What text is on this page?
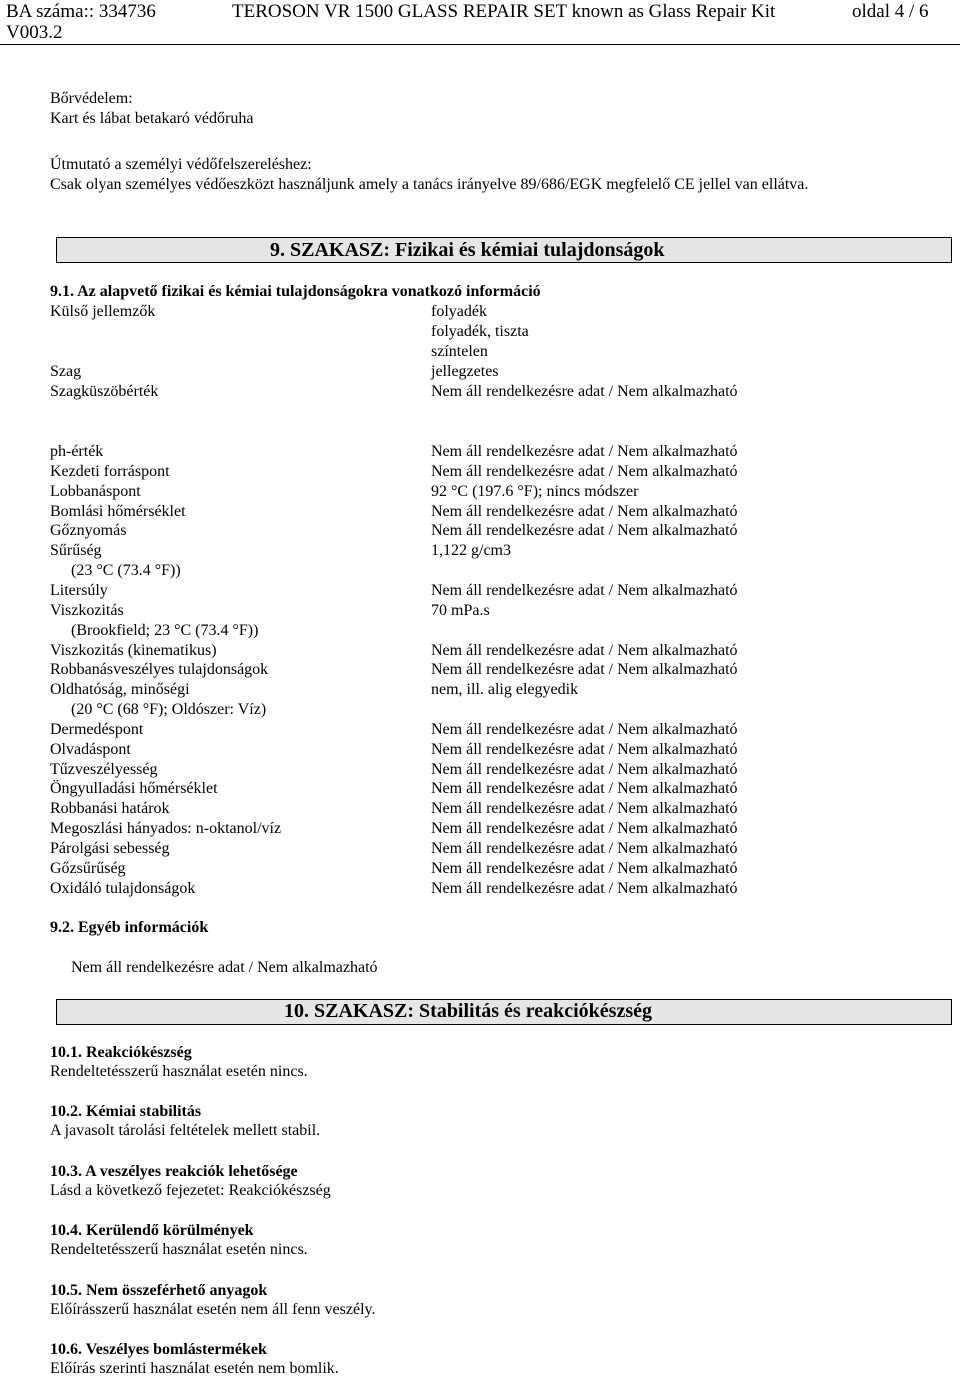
BA száma:: 334736
V003.2
TEROSON VR 1500 GLASS REPAIR SET known as Glass Repair Kit	oldal 4 / 6
Bőrvédelem:
Kart és lábat betakaró védőruha
Útmutató a személyi védőfelszereléshez:
Csak olyan személyes védőeszközt használjunk amely a tanács irányelve 89/686/EGK megfelelő CE jellel van ellátva.
9. SZAKASZ: Fizikai és kémiai tulajdonságok
9.1. Az alapvető fizikai és kémiai tulajdonságokra vonatkozó információ
Külső jellemzők	folyadék
folyadék, tiszta
színtelen
Szag	jellegzetes
Szagküszöbérték	Nem áll rendelkezésre adat / Nem alkalmazható
ph-érték	Nem áll rendelkezésre adat / Nem alkalmazható
Kezdeti forráspont	Nem áll rendelkezésre adat / Nem alkalmazható
Lobbanáspont	92 °C (197.6 °F); nincs módszer
Bomlási hőmérséklet	Nem áll rendelkezésre adat / Nem alkalmazható
Gőznyomás	Nem áll rendelkezésre adat / Nem alkalmazható
Sűrűség	1,122 g/cm3
(23 °C (73.4 °F))
Litersúly	Nem áll rendelkezésre adat / Nem alkalmazható
Viszkozitás	70 mPa.s
(Brookfield; 23 °C (73.4 °F))
Viszkozitás (kinematikus)	Nem áll rendelkezésre adat / Nem alkalmazható
Robbanásveszélyes tulajdonságok	Nem áll rendelkezésre adat / Nem alkalmazható
Oldhatóság, minőségi	nem, ill. alig elegyedik
(20 °C (68 °F); Oldószer: Víz)
Dermedéspont	Nem áll rendelkezésre adat / Nem alkalmazható
Olvadáspont	Nem áll rendelkezésre adat / Nem alkalmazható
Tűzveszélyesség	Nem áll rendelkezésre adat / Nem alkalmazható
Öngyulladási hőmérséklet	Nem áll rendelkezésre adat / Nem alkalmazható
Robbanási határok	Nem áll rendelkezésre adat / Nem alkalmazható
Megoszlási hányados: n-oktanol/víz	Nem áll rendelkezésre adat / Nem alkalmazható
Párolgási sebesség	Nem áll rendelkezésre adat / Nem alkalmazható
Gőzsűrűség	Nem áll rendelkezésre adat / Nem alkalmazható
Oxidáló tulajdonságok	Nem áll rendelkezésre adat / Nem alkalmazható
9.2. Egyéb információk
Nem áll rendelkezésre adat / Nem alkalmazható
10. SZAKASZ: Stabilitás és reakciókészség
10.1. Reakciókészség
Rendeltetésszerű használat esetén nincs.
10.2. Kémiai stabilitás
A javasolt tárolási feltételek mellett stabil.
10.3. A veszélyes reakciók lehetősége
Lásd a következő fejezetet: Reakciókészség
10.4. Kerülendő körülmények
Rendeltetésszerű használat esetén nincs.
10.5. Nem összeférhető anyagok
Előírásszerű használat esetén nem áll fenn veszély.
10.6. Veszélyes bomlástermékek
Előírás szerinti használat esetén nem bomlik.
